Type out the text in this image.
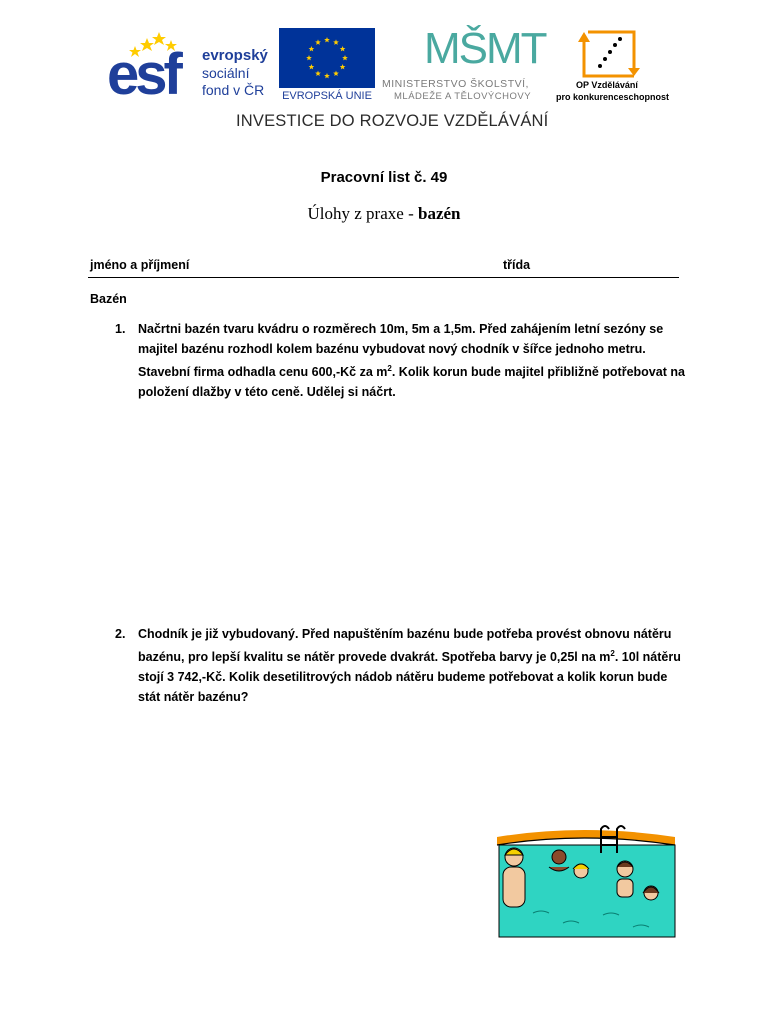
esf evropský
sociální
fond v ČR EVROPSKÁ UNIE
MŠMT
MINISTERSTVO ŠKOLSTVÍ,
MLÁDEŽE A TĚLOVÝCHOVY
OP Vzdělávání
pro konkurenceschopnost
INVESTICE DO ROZVOJE VZDĚLÁVÁNÍ
Pracovní list č. 49
Úlohy z praxe - bazén
jméno a příjmení	třída
Bazén
1.	Načrtni bazén tvaru kvádru o rozměrech 10m, 5m a 1,5m. Před zahájením letní sezóny se
majitel bazénu rozhodl kolem bazénu vybudovat nový chodník v šířce jednoho metru.
Stavební firma odhadla cenu 600,-Kč za $m^2$. Kolik korun bude majitel přibližně potřebovat na
položení dlažby v této ceně. Udělej si náčrt.
2.	Chodník je již vybudovaný. Před napuštěním bazénu bude potřeba provést obnovu nátěru
bazénu, pro lepší kvalitu se nátěr provede dvakrát. Spotřeba barvy je 0,25l na $m^2$. 10l nátěru
stojí 3 742,-Kč. Kolik desetilitrových nádob nátěru budeme potřebovat a kolik korun bude
stát nátěr bazénu?
